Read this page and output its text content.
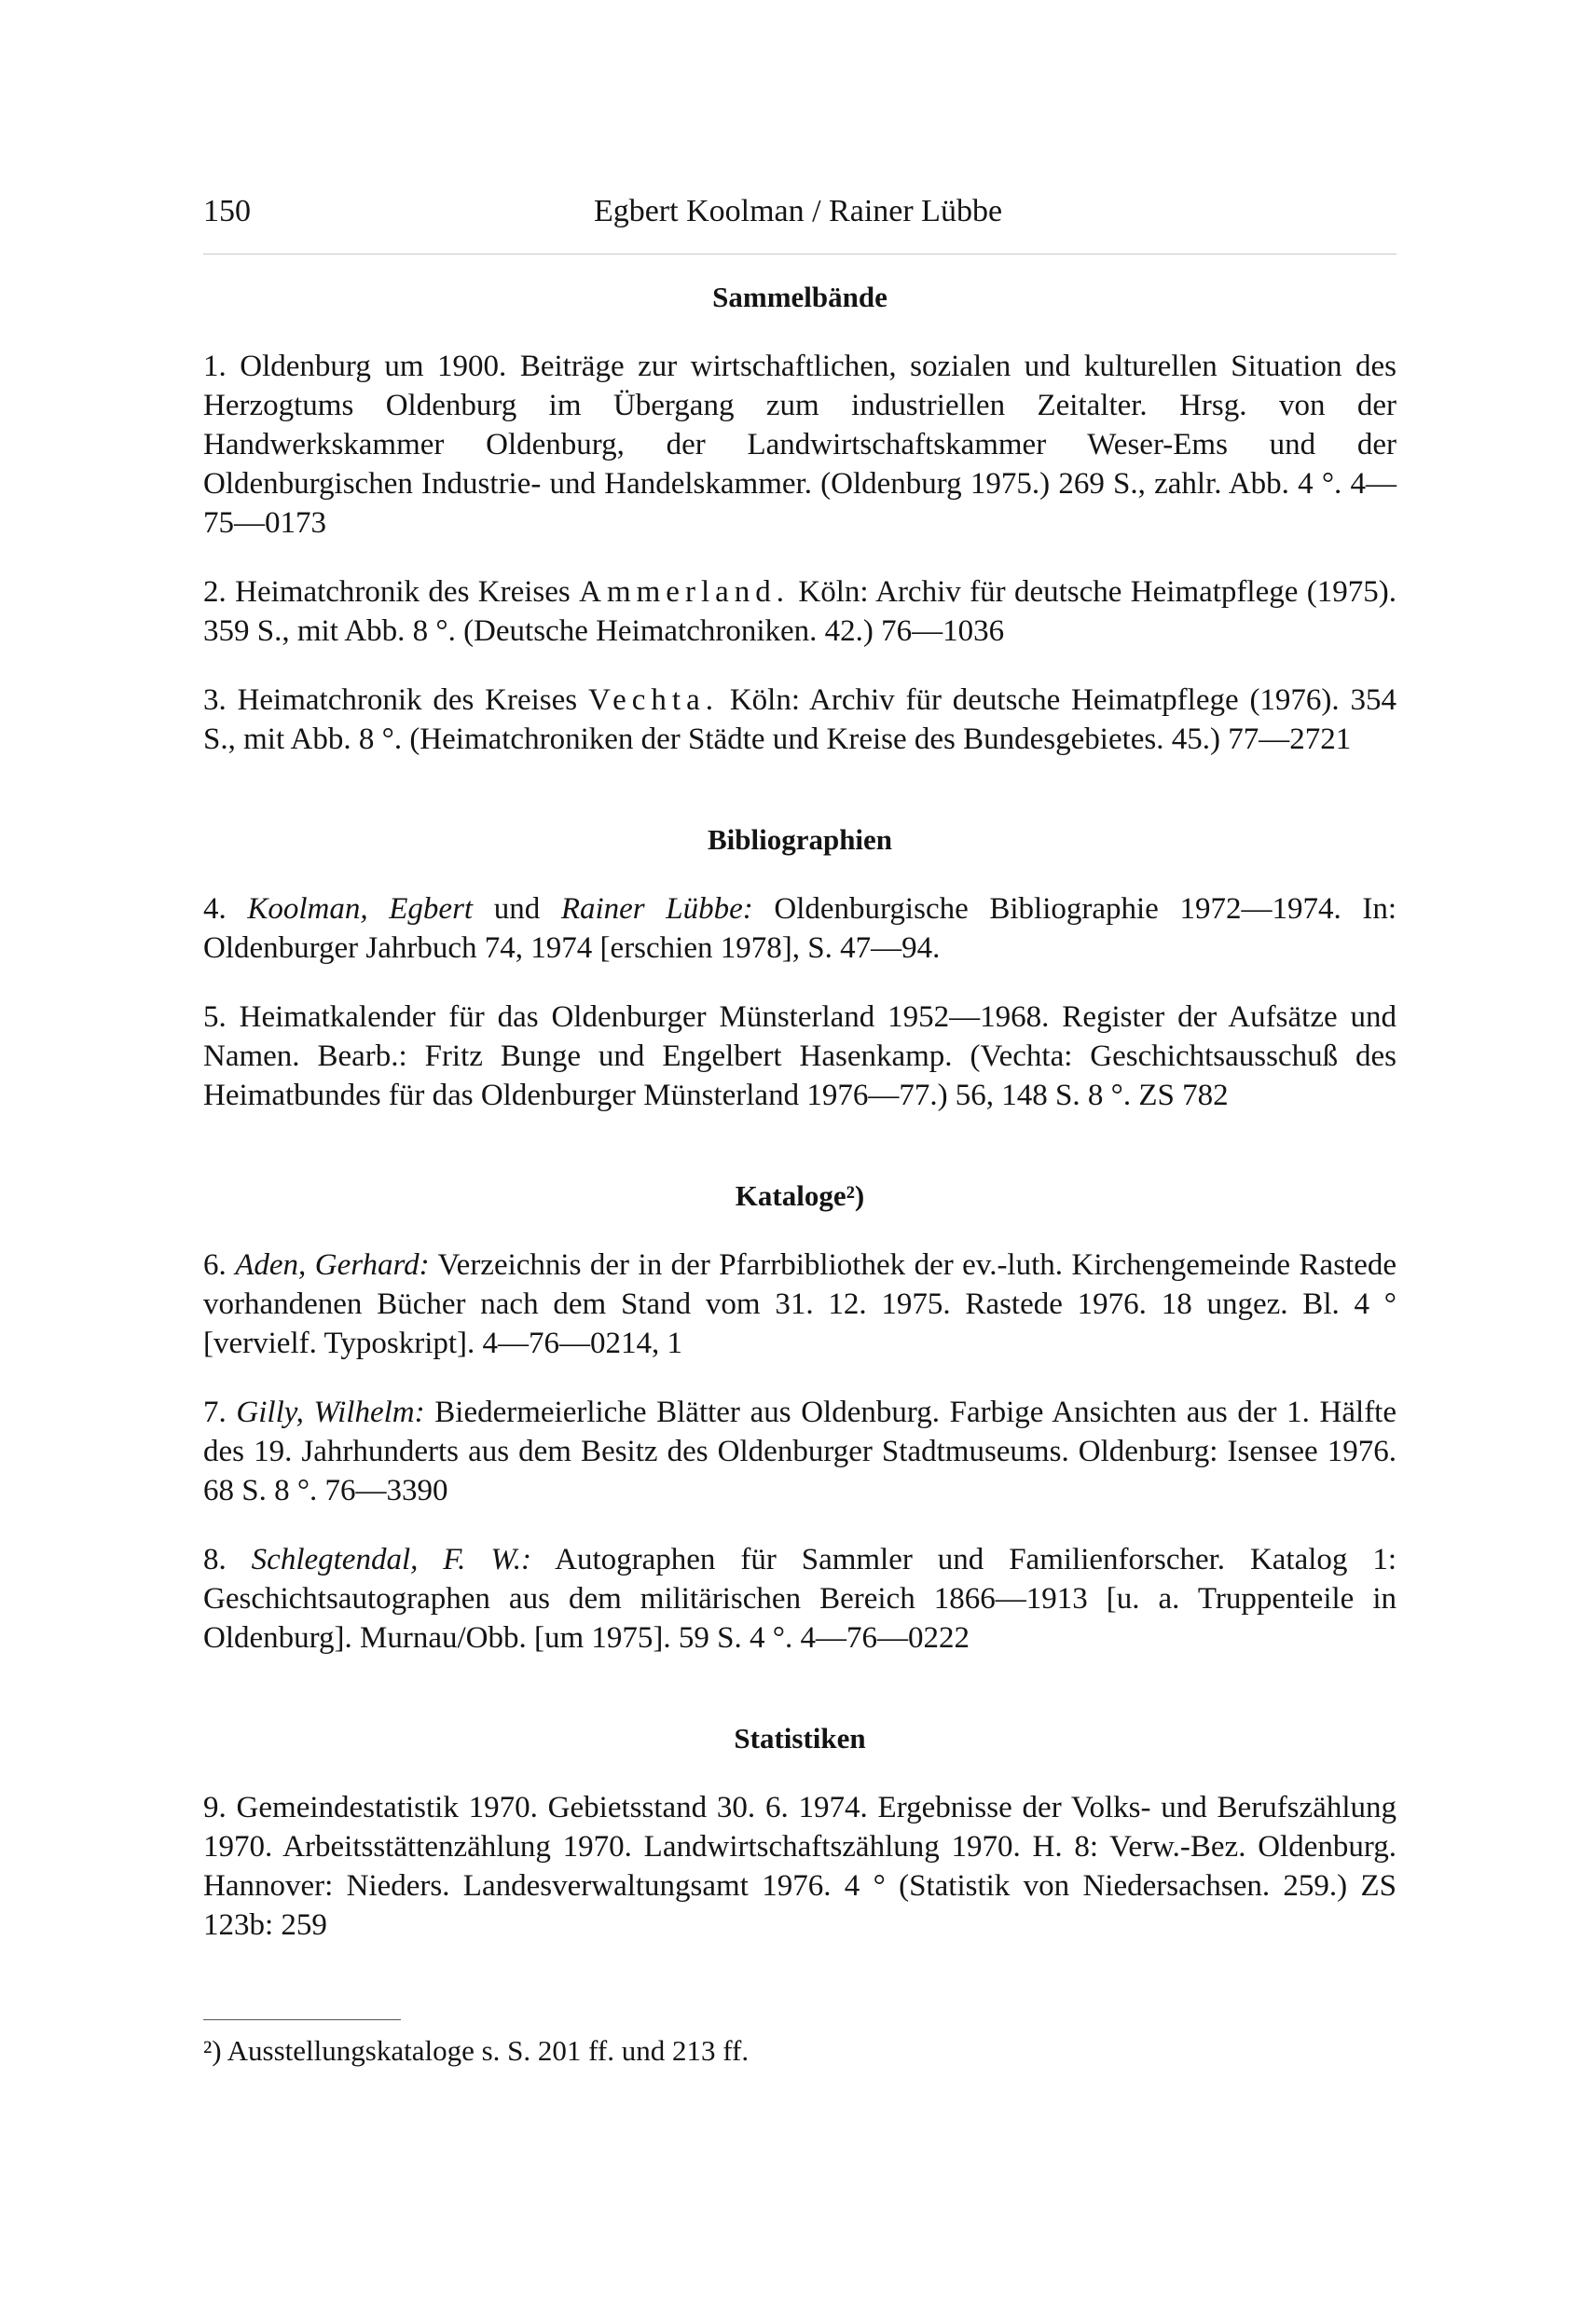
150	Egbert Koolman / Rainer Lübbe
Sammelbände

1. Oldenburg um 1900. Beiträge zur wirtschaftlichen, sozialen und kulturellen Situation des Herzogtums Oldenburg im Übergang zum industriellen Zeitalter. Hrsg. von der Handwerkskammer Oldenburg, der Landwirtschaftskammer Weser-Ems und der Oldenburgischen Industrie- und Handelskammer. (Oldenburg 1975.) 269 S., zahlr. Abb. 4 °. 4—75—0173

2. Heimatchronik des Kreises Ammerland. Köln: Archiv für deutsche Heimatpflege (1975). 359 S., mit Abb. 8 °. (Deutsche Heimatchroniken. 42.) 76—1036

3. Heimatchronik des Kreises Vechta. Köln: Archiv für deutsche Heimatpflege (1976). 354 S., mit Abb. 8 °. (Heimatchroniken der Städte und Kreise des Bundesgebietes. 45.) 77—2721

Bibliographien

4. Koolman, Egbert und Rainer Lübbe: Oldenburgische Bibliographie 1972—1974. In: Oldenburger Jahrbuch 74, 1974 [erschien 1978], S. 47—94.

5. Heimatkalender für das Oldenburger Münsterland 1952—1968. Register der Aufsätze und Namen. Bearb.: Fritz Bunge und Engelbert Hasenkamp. (Vechta: Geschichtsausschuß des Heimatbundes für das Oldenburger Münsterland 1976—77.) 56, 148 S. 8 °. ZS 782

Kataloge²)

6. Aden, Gerhard: Verzeichnis der in der Pfarrbibliothek der ev.-luth. Kirchengemeinde Rastede vorhandenen Bücher nach dem Stand vom 31. 12. 1975. Rastede 1976. 18 ungez. Bl. 4 ° [vervielf. Typoskript]. 4—76—0214, 1

7. Gilly, Wilhelm: Biedermeierliche Blätter aus Oldenburg. Farbige Ansichten aus der 1. Hälfte des 19. Jahrhunderts aus dem Besitz des Oldenburger Stadtmuseums. Oldenburg: Isensee 1976. 68 S. 8 °. 76—3390

8. Schlegtendal, F. W.: Autographen für Sammler und Familienforscher. Katalog 1: Geschichtsautographen aus dem militärischen Bereich 1866—1913 [u. a. Truppenteile in Oldenburg]. Murnau/Obb. [um 1975]. 59 S. 4 °. 4—76—0222

Statistiken

9. Gemeindestatistik 1970. Gebietsstand 30. 6. 1974. Ergebnisse der Volks- und Berufszählung 1970. Arbeitsstättenzählung 1970. Landwirtschaftszählung 1970. H. 8: Verw.-Bez. Oldenburg. Hannover: Nieders. Landesverwaltungsamt 1976. 4 ° (Statistik von Niedersachsen. 259.) ZS 123b: 259

²) Ausstellungskataloge s. S. 201 ff. und 213 ff.
